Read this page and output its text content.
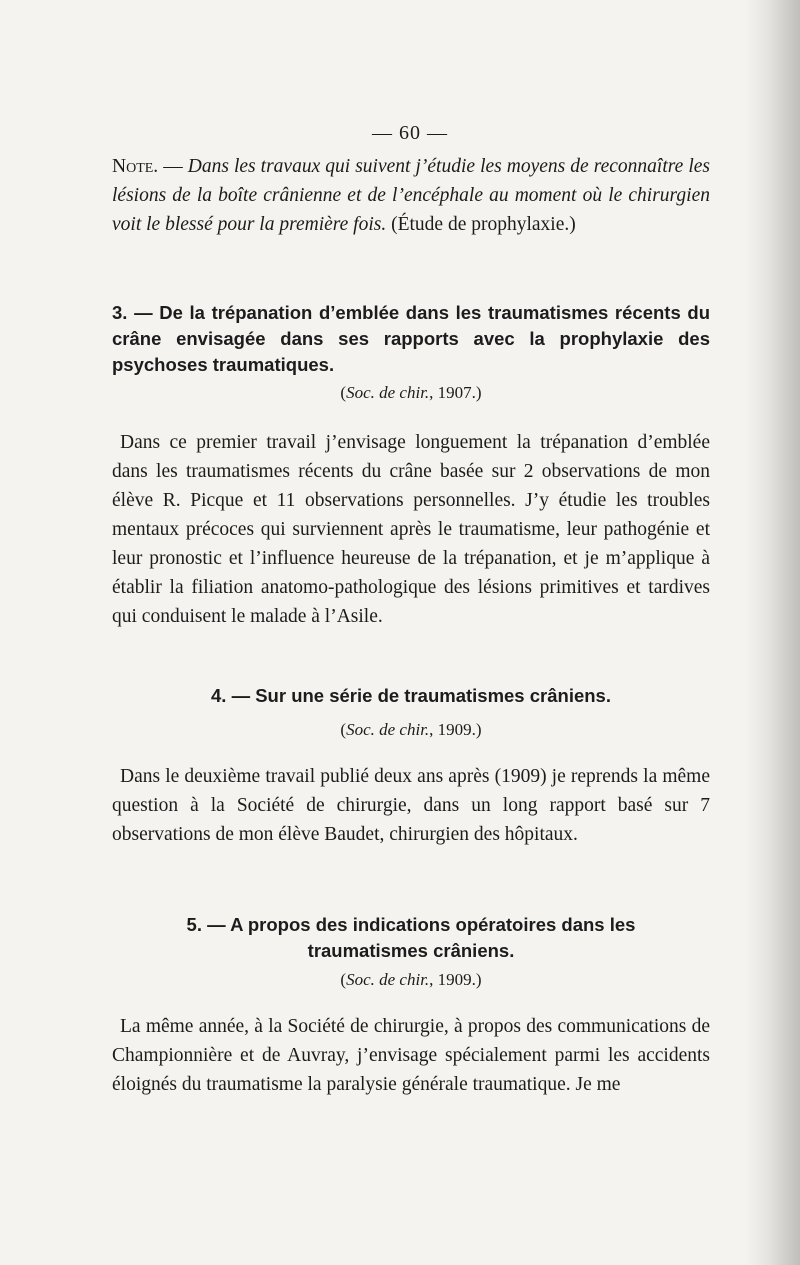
— 60 —
Note. — Dans les travaux qui suivent j’étudie les moyens de reconnaître les lésions de la boîte crânienne et de l’encéphale au moment où le chirurgien voit le blessé pour la première fois. (Étude de prophylaxie.)
3. — De la trépanation d’emblée dans les traumatismes récents du crâne envisagée dans ses rapports avec la prophylaxie des psychoses traumatiques.
(Soc. de chir., 1907.)
Dans ce premier travail j’envisage longuement la trépanation d’emblée dans les traumatismes récents du crâne basée sur 2 observations de mon élève R. Picque et 11 observations personnelles. J’y étudie les troubles mentaux précoces qui surviennent après le traumatisme, leur pathogénie et leur pronostic et l’influence heureuse de la trépanation, et je m’applique à établir la filiation anatomo-pathologique des lésions primitives et tardives qui conduisent le malade à l’Asile.
4. — Sur une série de traumatismes crâniens.
(Soc. de chir., 1909.)
Dans le deuxième travail publié deux ans après (1909) je reprends la même question à la Société de chirurgie, dans un long rapport basé sur 7 observations de mon élève Baudet, chirurgien des hôpitaux.
5. — A propos des indications opératoires dans les
traumatismes crâniens.
(Soc. de chir., 1909.)
La même année, à la Société de chirurgie, à propos des communications de Championnière et de Auvray, j’envisage spécialement parmi les accidents éloignés du traumatisme la paralysie générale traumatique. Je me
